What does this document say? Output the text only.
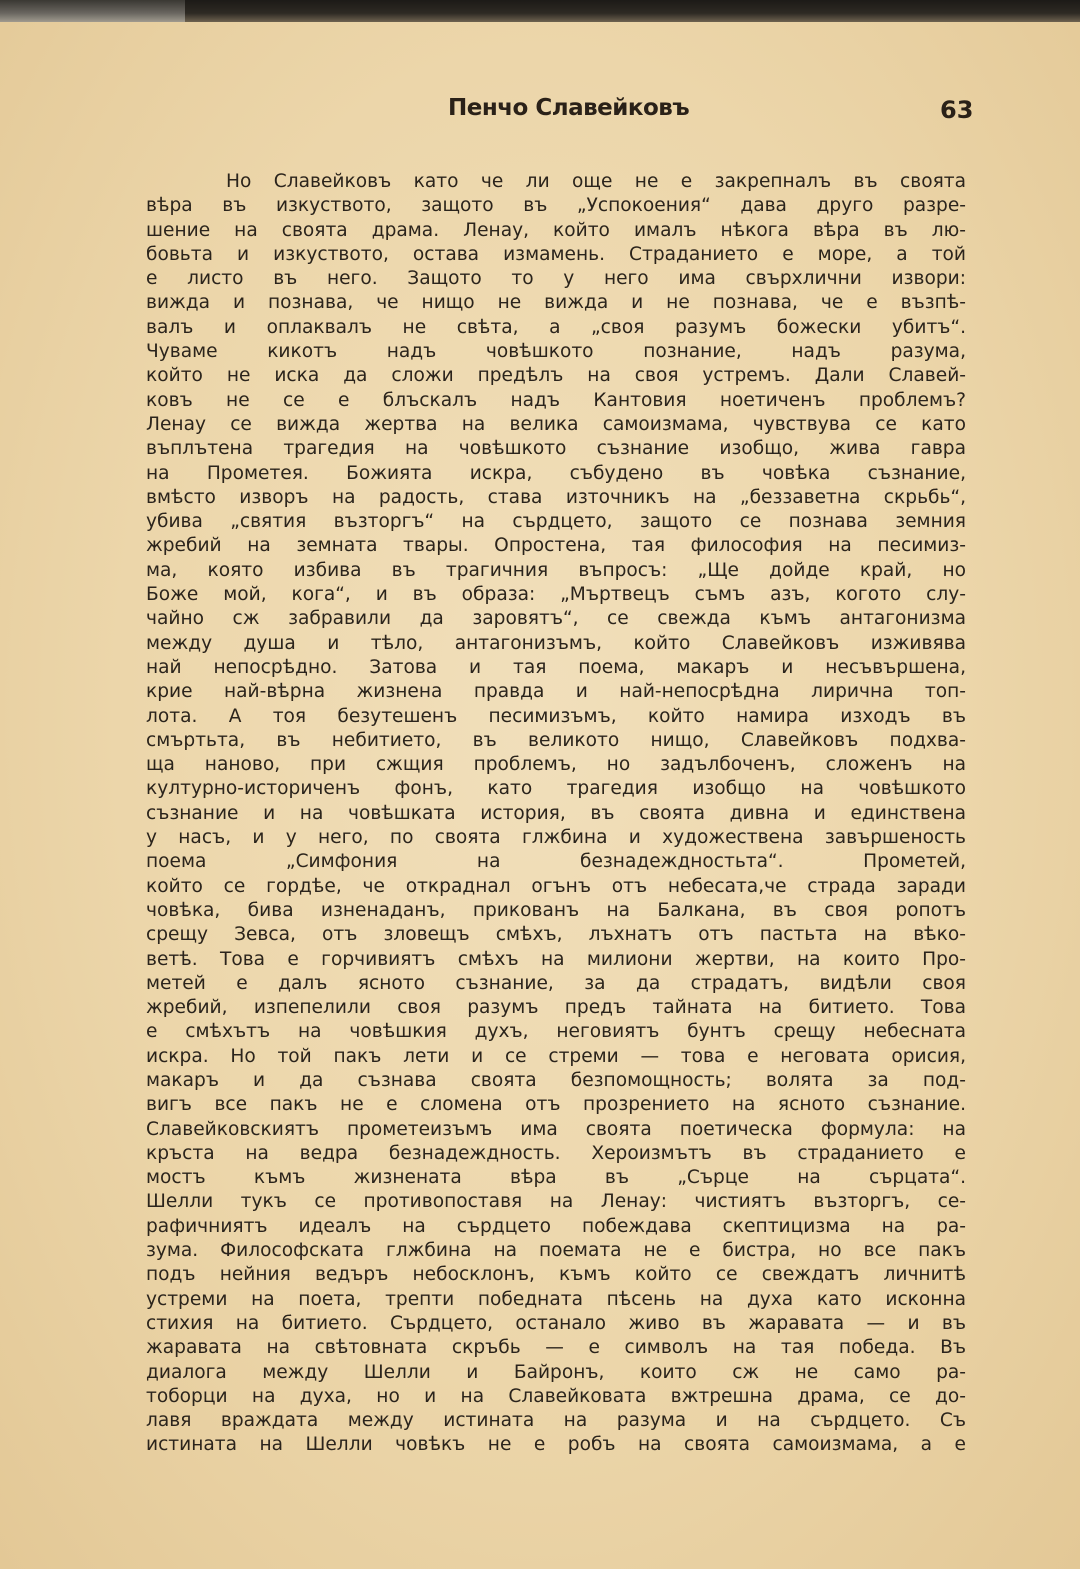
Пенчо Славейковъ	63
Но Славейковъ като че ли още не е закрепналъ въ своята
вѣра въ изкуството, защото въ „Успокоения“ дава друго разре-
шение на своята драма. Ленау, който ималъ нѣкога вѣра въ лю-
бовьта и изкуството, остава измамень. Страданието е море, а той
е листо въ него. Защото то у него има свърхлични извори:
вижда и познава, че нищо не вижда и не познава, че е възпѣ-
валъ и оплаквалъ не свѣта, а „своя разумъ божески убитъ“.
Чуваме кикотъ надъ човѣшкото познание, надъ разума,
който не иска да сложи предѣлъ на своя устремъ. Дали Славей-
ковъ не се е блъскалъ надъ Кантовия ноетиченъ проблемъ?
Ленау се вижда жертва на велика самоизмама, чувствува се като
въплътена трагедия на човѣшкото съзнание изобщо, жива гавра
на Прометея. Божията искра, събудено въ човѣка съзнание,
вмѣсто изворъ на радость, става източникъ на „беззаветна скрьбь“,
убива „святия възторгъ“ на сърдцето, защото се познава земния
жребий на земната твары. Опростена, тая философия на песимиз-
ма, която избива въ трагичния въпросъ: „Ще дойде край, но
Боже мой, кога“, и въ образа: „Мъртвецъ съмъ азъ, когото слу-
чайно сж забравили да заровятъ“, се свежда къмъ антагонизма
между душа и тѣло, антагонизъмъ, който Славейковъ изживява
най непосрѣдно. Затова и тая поема, макаръ и несъвършена,
крие най-вѣрна жизнена правда и най-непосрѣдна лирична топ-
лота. А тоя безутешенъ песимизъмъ, който намира изходъ въ
смъртьта, въ небитието, въ великото нищо, Славейковъ подхва-
ща наново, при сжщия проблемъ, но задълбоченъ, сложенъ на
културно-историченъ фонъ, като трагедия изобщо на човѣшкото
съзнание и на човѣшката история, въ своята дивна и единствена
у насъ, и у него, по своята глжбина и художествена завършеность
поема „Симфония на безнадеждностьта“. Прометей,
който се гордѣе, че откраднал огънъ отъ небесата,че страда заради
човѣка, бива изненаданъ, прикованъ на Балкана, въ своя ропотъ
срещу Зевса, отъ зловещъ смѣхъ, лъхнатъ отъ пастьта на вѣко-
ветѣ. Това е горчивиятъ смѣхъ на милиони жертви, на които Про-
метей е далъ ясното съзнание, за да страдатъ, видѣли своя
жребий, изпепелили своя разумъ предъ тайната на битието. Това
е смѣхътъ на човѣшкия духъ, неговиятъ бунтъ срещу небесната
искра. Но той пакъ лети и се стреми — това е неговата орисия,
макаръ и да съзнава своята безпомощность; волята за под-
вигъ все пакъ не е сломена отъ прозрението на ясното съзнание.
Славейковскиятъ прометеизъмъ има своята поетическа формула: на
кръста на ведра безнадеждность. Хероизмътъ въ страданието е
мостъ къмъ жизнената вѣра въ „Сърце на сърцата“.
Шелли тукъ се противопоставя на Ленау: чистиятъ възторгъ, се-
рафичниятъ идеалъ на сърдцето побеждава скептицизма на ра-
зума. Философската глжбина на поемата не е бистра, но все пакъ
подъ нейния ведъръ небосклонъ, къмъ който се свеждатъ личнитѣ
устреми на поета, трепти победната пѣсень на духа като исконна
стихия на битието. Сърдцето, останало живо въ жаравата — и въ
жаравата на свѣтовната скръбь — е символъ на тая победа. Въ
диалога между Шелли и Байронъ, които сж не само ра-
тоборци на духа, но и на Славейковата вжтрешна драма, се до-
лавя враждата между истината на разума и на сърдцето. Съ
истината на Шелли човѣкъ не е робъ на своята самоизмама, а е
